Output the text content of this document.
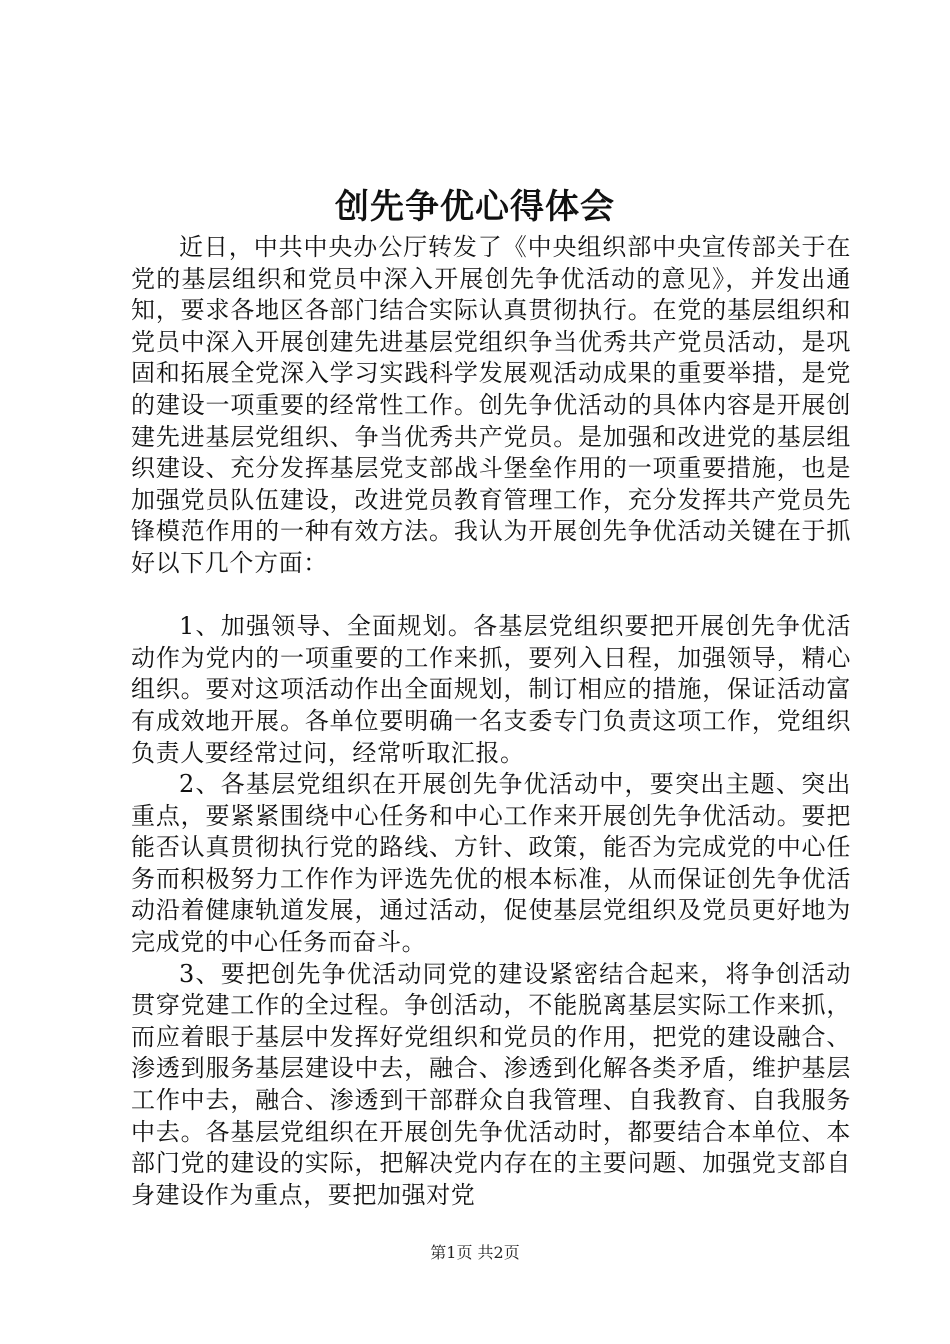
创先争优心得体会

近日，中共中央办公厅转发了《中央组织部中央宣传部关于在党的基层组织和党员中深入开展创先争优活动的意见》，并发出通知，要求各地区各部门结合实际认真贯彻执行。在党的基层组织和党员中深入开展创建先进基层党组织争当优秀共产党员活动，是巩固和拓展全党深入学习实践科学发展观活动成果的重要举措，是党的建设一项重要的经常性工作。创先争优活动的具体内容是开展创建先进基层党组织、争当优秀共产党员。是加强和改进党的基层组织建设、充分发挥基层党支部战斗堡垒作用的一项重要措施，也是加强党员队伍建设，改进党员教育管理工作，充分发挥共产党员先锋模范作用的一种有效方法。我认为开展创先争优活动关键在于抓好以下几个方面：

1、加强领导、全面规划。各基层党组织要把开展创先争优活动作为党内的一项重要的工作来抓，要列入日程，加强领导，精心组织。要对这项活动作出全面规划，制订相应的措施，保证活动富有成效地开展。各单位要明确一名支委专门负责这项工作，党组织负责人要经常过问，经常听取汇报。

2、各基层党组织在开展创先争优活动中，要突出主题、突出重点，要紧紧围绕中心任务和中心工作来开展创先争优活动。要把能否认真贯彻执行党的路线、方针、政策，能否为完成党的中心任务而积极努力工作作为评选先优的根本标准，从而保证创先争优活动沿着健康轨道发展，通过活动，促使基层党组织及党员更好地为完成党的中心任务而奋斗。

3、要把创先争优活动同党的建设紧密结合起来，将争创活动贯穿党建工作的全过程。争创活动，不能脱离基层实际工作来抓，而应着眼于基层中发挥好党组织和党员的作用，把党的建设融合、渗透到服务基层建设中去，融合、渗透到化解各类矛盾，维护基层工作中去，融合、渗透到干部群众自我管理、自我教育、自我服务中去。各基层党组织在开展创先争优活动时，都要结合本单位、本部门党的建设的实际，把解决党内存在的主要问题、加强党支部自身建设作为重点，要把加强对党

第1页 共2页
